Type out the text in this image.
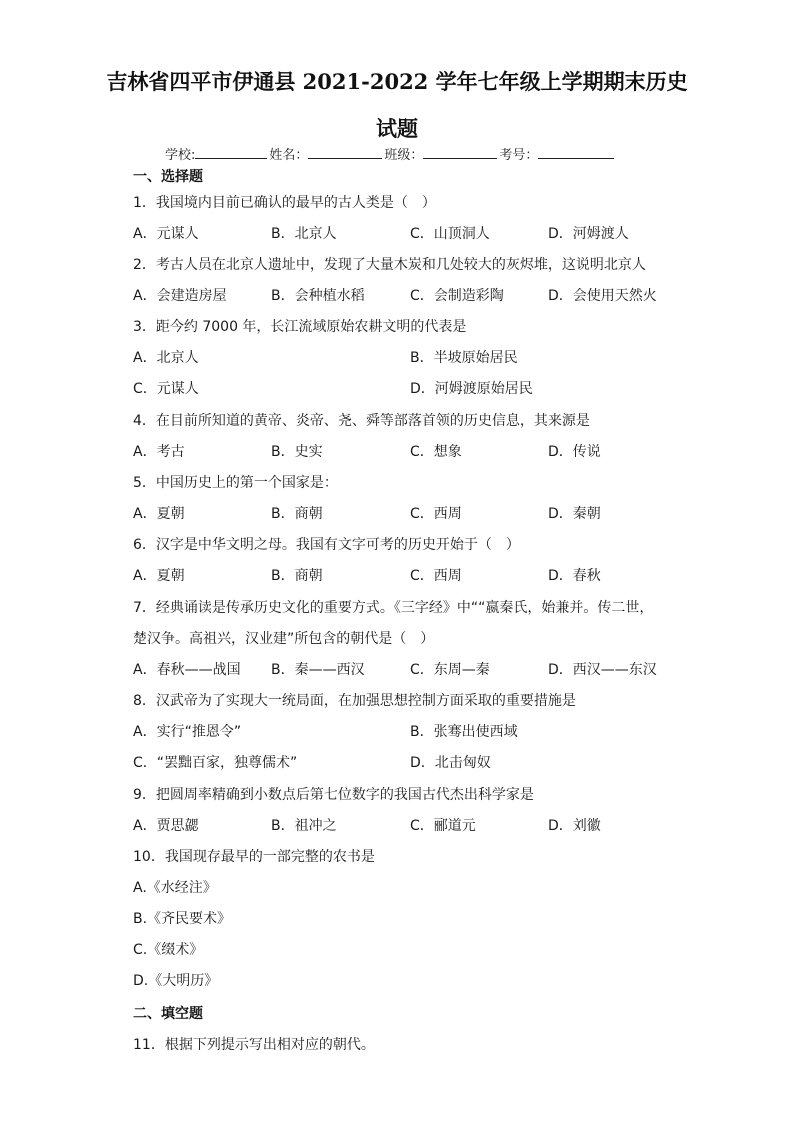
吉林省四平市伊通县 2021-2022 学年七年级上学期期末历史
试题
学校:	姓名：	班级：	考号：
一、选择题
1．我国境内目前已确认的最早的古人类是（　）
A．元谋人	B．北京人	C．山顶洞人	D．河姆渡人
2．考古人员在北京人遗址中，发现了大量木炭和几处较大的灰烬堆，这说明北京人
A．会建造房屋	B．会种植水稻	C．会制造彩陶	D．会使用天然火
3．距今约 7000 年，长江流域原始农耕文明的代表是
A．北京人	B．半坡原始居民
C．元谋人	D．河姆渡原始居民
4．在目前所知道的黄帝、炎帝、尧、舜等部落首领的历史信息，其来源是
A．考古	B．史实	C．想象	D．传说
5．中国历史上的第一个国家是：
A．夏朝	B．商朝	C．西周	D．秦朝
6．汉字是中华文明之母。我国有文字可考的历史开始于（　）
A．夏朝	B．商朝	C．西周	D．春秋
7．经典诵读是传承历史文化的重要方式。《三字经》中““嬴秦氏，始兼并。传二世，
楚汉争。高祖兴，汉业建”所包含的朝代是（　）
A．春秋——战国 B．秦——西汉	C．东周—秦	D．西汉——东汉
8．汉武帝为了实现大一统局面，在加强思想控制方面采取的重要措施是
A．实行“推恩令”	B．张骞出使西域
C．“罢黜百家，独尊儒术”	D．北击匈奴
9．把圆周率精确到小数点后第七位数字的我国古代杰出科学家是
A．贾思勰	B．祖冲之	C．郦道元	D．刘徽
10．我国现存最早的一部完整的农书是
A.《水经注》
B.《齐民要术》
C.《缀术》
D.《大明历》
二、填空题
11．根据下列提示写出相对应的朝代。
